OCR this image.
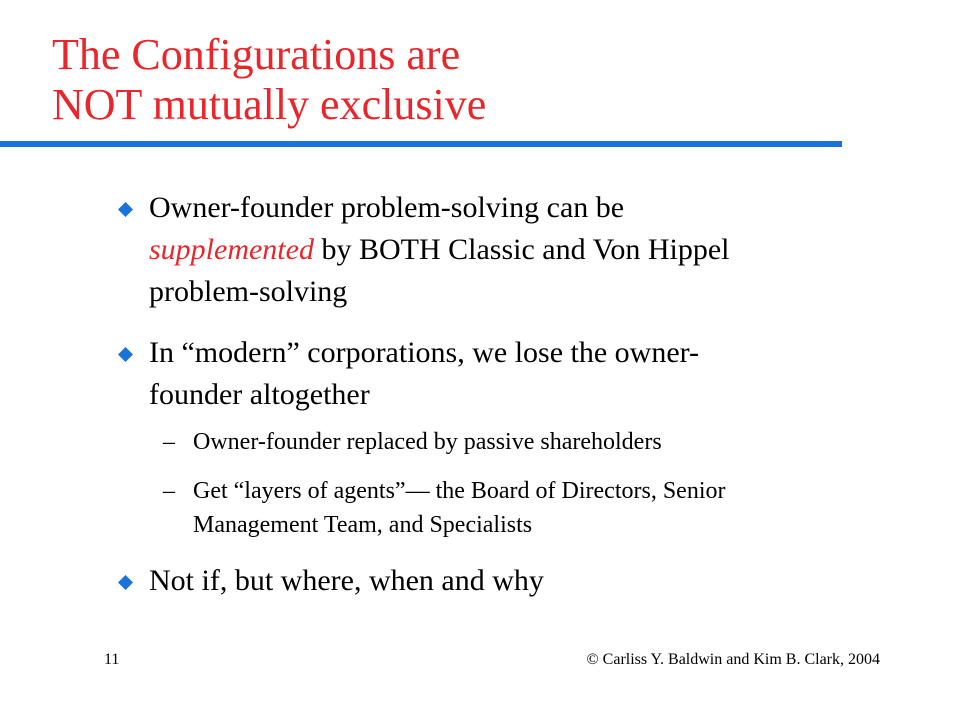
The Configurations are
NOT mutually exclusive
Owner-founder problem-solving can be
supplemented by BOTH Classic and Von Hippel
problem-solving
In “modern” corporations, we lose the owner-
founder altogether
– Owner-founder replaced by passive shareholders
– Get “layers of agents”— the Board of Directors, Senior
Management Team, and Specialists
Not if, but where, when and why
11	© Carliss Y. Baldwin and Kim B. Clark, 2004
